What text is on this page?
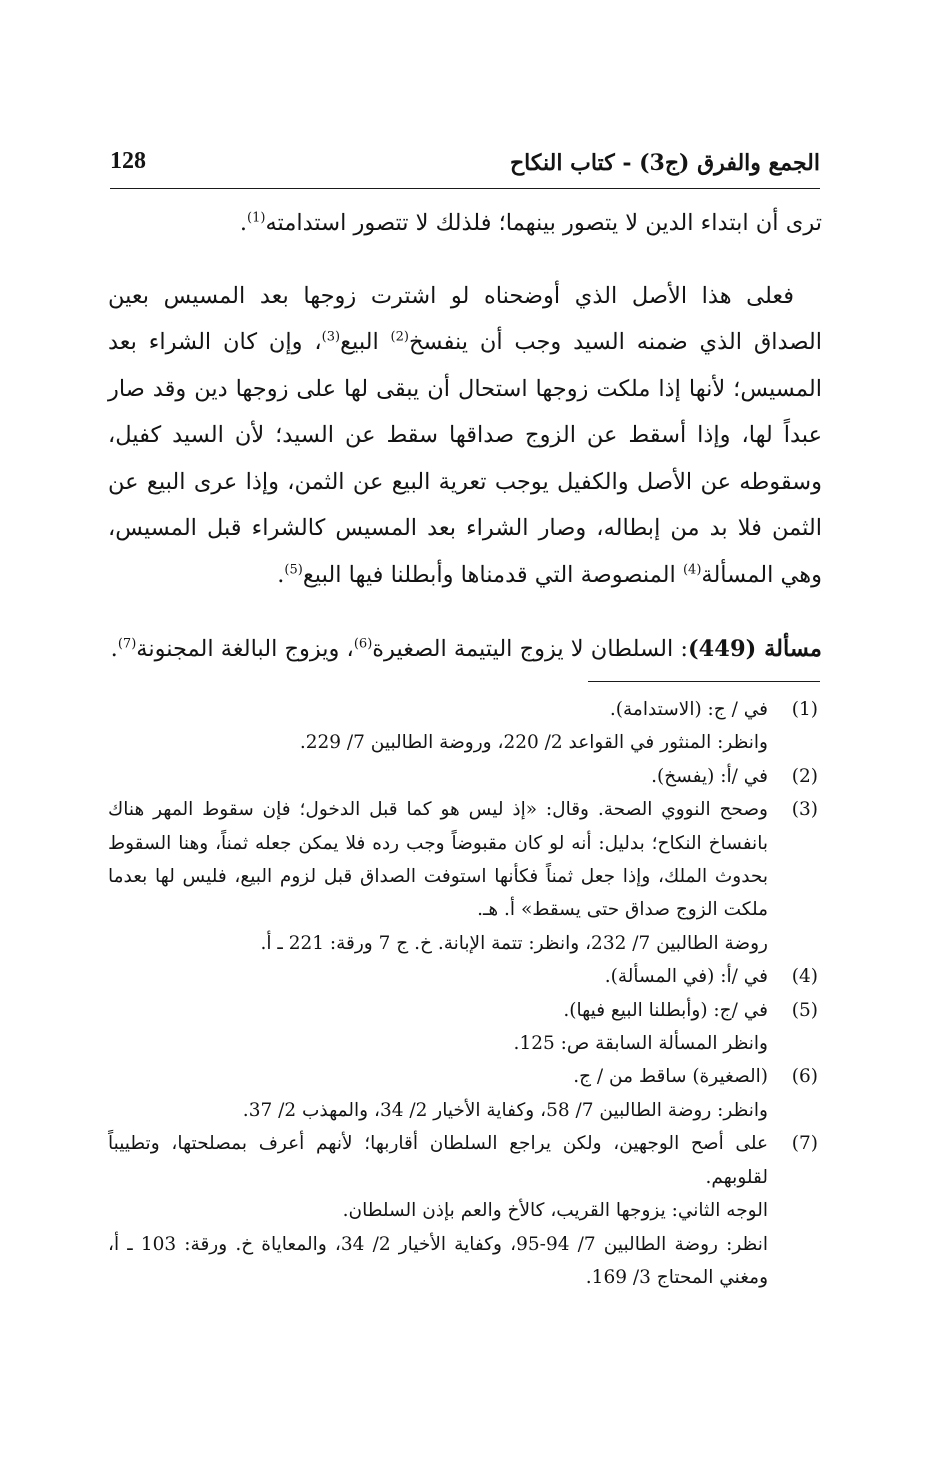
الجمع والفرق (ج3) - كتاب النكاح
128

ترى أن ابتداء الدين لا يتصور بينهما؛ فلذلك لا تتصور استدامته$^{(1)}$.

فعلى هذا الأصل الذي أوضحناه لو اشترت زوجها بعد المسيس بعين الصداق الذي ضمنه السيد وجب أن ينفسخ$^{(2)}$ البيع$^{(3)}$، وإن كان الشراء بعد المسيس؛ لأنها إذا ملكت زوجها استحال أن يبقى لها على زوجها دين وقد صار عبداً لها، وإذا أسقط عن الزوج صداقها سقط عن السيد؛ لأن السيد كفيل، وسقوطه عن الأصل والكفيل يوجب تعرية البيع عن الثمن، وإذا عرى البيع عن الثمن فلا بد من إبطاله، وصار الشراء بعد المسيس كالشراء قبل المسيس، وهي المسألة$^{(4)}$ المنصوصة التي قدمناها وأبطلنا فيها البيع$^{(5)}$.

مسألة (449): السلطان لا يزوج اليتيمة الصغيرة$^{(6)}$، ويزوج البالغة المجنونة$^{(7)}$.

(1)

في / ج: (الاستدامة).

وانظر: المنثور في القواعد 2/ 220، وروضة الطالبين 7/ 229.

(2)

في /أ: (يفسخ).

(3)

وصحح النووي الصحة. وقال: «إذ ليس هو كما قبل الدخول؛ فإن سقوط المهر هناك بانفساخ النكاح؛ بدليل: أنه لو كان مقبوضاً وجب رده فلا يمكن جعله ثمناً، وهنا السقوط بحدوث الملك، وإذا جعل ثمناً فكأنها استوفت الصداق قبل لزوم البيع، فليس لها بعدما ملكت الزوج صداق حتى يسقط» أ. هـ.

روضة الطالبين 7/ 232، وانظر: تتمة الإبانة. خ. ج 7 ورقة: 221 ـ أ.

(4)

في /أ: (في المسألة).

(5)

في /ج: (وأبطلنا البيع فيها).

وانظر المسألة السابقة ص: 125.

(6)

(الصغيرة) ساقط من / ج.

وانظر: روضة الطالبين 7/ 58، وكفاية الأخيار 2/ 34، والمهذب 2/ 37.

(7)

على أصح الوجهين، ولكن يراجع السلطان أقاربها؛ لأنهم أعرف بمصلحتها، وتطييباً لقلوبهم.

الوجه الثاني: يزوجها القريب، كالأخ والعم بإذن السلطان.

انظر: روضة الطالبين 7/ 94-95، وكفاية الأخيار 2/ 34، والمعاياة خ. ورقة: 103 ـ أ، ومغني المحتاج 3/ 169.
